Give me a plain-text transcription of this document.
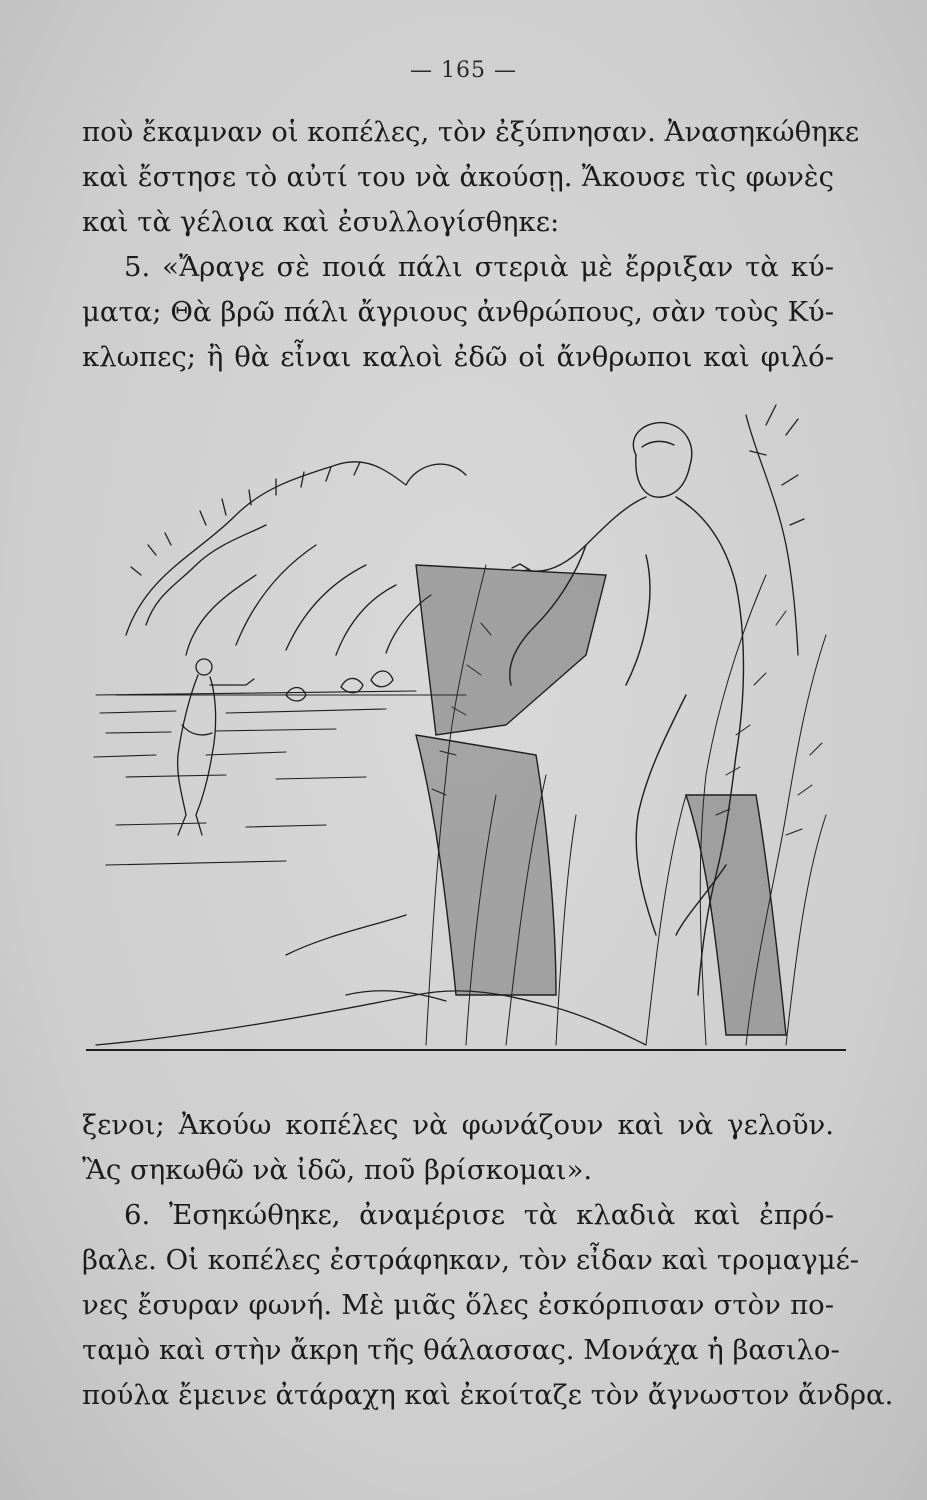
— 165 —
ποὺ ἔκαμναν οἱ κοπέλες, τὸν ἐξύπνησαν. Ἀνασηκώθηκε
καὶ ἔστησε τὸ αὐτί του νὰ ἀκούσῃ. Ἄκουσε τὶς φωνὲς
καὶ τὰ γέλοια καὶ ἐσυλλογίσθηκε:
5. «Ἄραγε σὲ ποιά πάλι στεριὰ μὲ ἔρριξαν τὰ κύ-
ματα; Θὰ βρῶ πάλι ἄγριους ἀνθρώπους, σὰν τοὺς Κύ-
κλωπες; ἢ θὰ εἶναι καλοὶ ἐδῶ οἱ ἄνθρωποι καὶ φιλό-
ξενοι; Ἀκούω κοπέλες νὰ φωνάζουν καὶ νὰ γελοῦν.
Ἂς σηκωθῶ νὰ ἰδῶ, ποῦ βρίσκομαι».
6. Ἐσηκώθηκε, ἀναμέρισε τὰ κλαδιὰ καὶ ἐπρό-
βαλε. Οἱ κοπέλες ἐστράφηκαν, τὸν εἶδαν καὶ τρομαγμέ-
νες ἔσυραν φωνή. Μὲ μιᾶς ὅλες ἐσκόρπισαν στὸν πο-
ταμὸ καὶ στὴν ἄκρη τῆς θάλασσας. Μονάχα ἡ βασιλο-
πούλα ἔμεινε ἀτάραχη καὶ ἐκοίταζε τὸν ἄγνωστον ἄνδρα.
